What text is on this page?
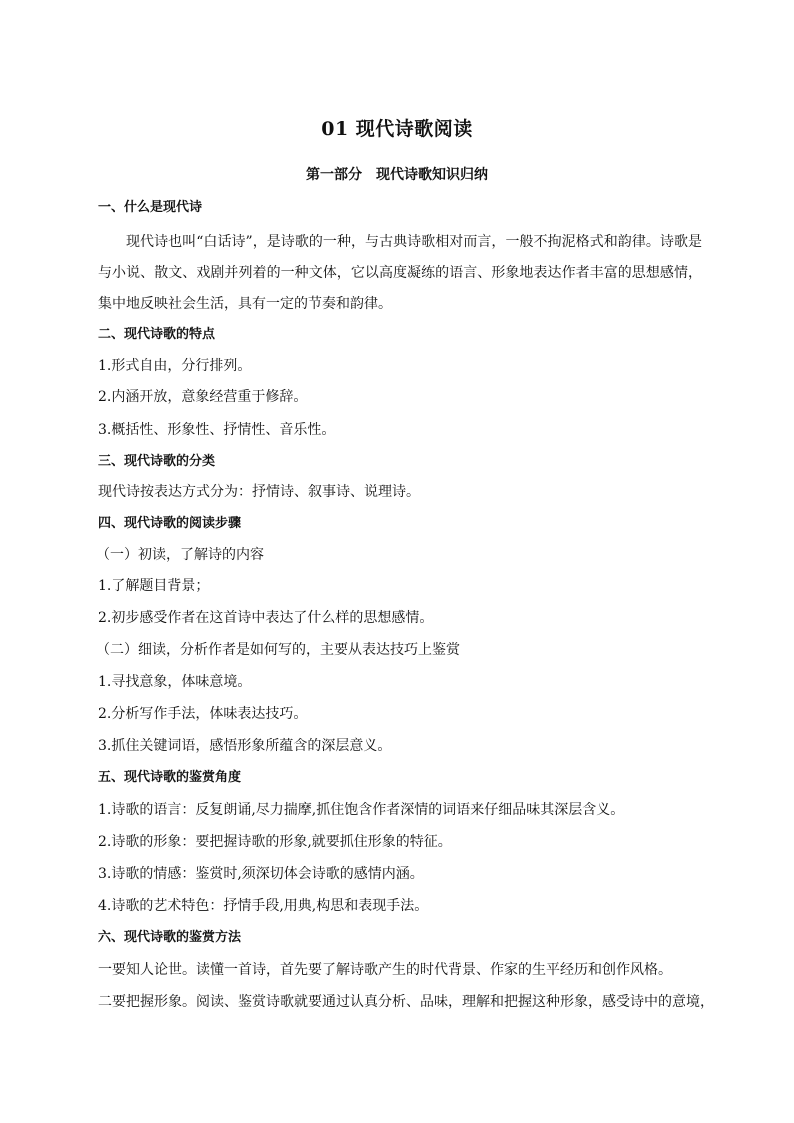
01 现代诗歌阅读
第一部分　现代诗歌知识归纳
一、什么是现代诗
现代诗也叫“白话诗”，是诗歌的一种，与古典诗歌相对而言，一般不拘泥格式和韵律。诗歌是与小说、散文、戏剧并列着的一种文体，它以高度凝练的语言、形象地表达作者丰富的思想感情，集中地反映社会生活，具有一定的节奏和韵律。
二、现代诗歌的特点
1.形式自由，分行排列。
2.内涵开放，意象经营重于修辞。
3.概括性、形象性、抒情性、音乐性。
三、现代诗歌的分类
现代诗按表达方式分为：抒情诗、叙事诗、说理诗。
四、现代诗歌的阅读步骤
（一）初读，了解诗的内容
1.了解题目背景；
2.初步感受作者在这首诗中表达了什么样的思想感情。
（二）细读，分析作者是如何写的，主要从表达技巧上鉴赏
1.寻找意象，体味意境。
2.分析写作手法，体味表达技巧。
3.抓住关键词语，感悟形象所蕴含的深层意义。
五、现代诗歌的鉴赏角度
1.诗歌的语言：反复朗诵,尽力揣摩,抓住饱含作者深情的词语来仔细品味其深层含义。
2.诗歌的形象：要把握诗歌的形象,就要抓住形象的特征。
3.诗歌的情感：鉴赏时,须深切体会诗歌的感情内涵。
4.诗歌的艺术特色：抒情手段,用典,构思和表现手法。
六、现代诗歌的鉴赏方法
一要知人论世。读懂一首诗，首先要了解诗歌产生的时代背景、作家的生平经历和创作风格。
二要把握形象。阅读、鉴赏诗歌就要通过认真分析、品味，理解和把握这种形象，感受诗中的意境，
